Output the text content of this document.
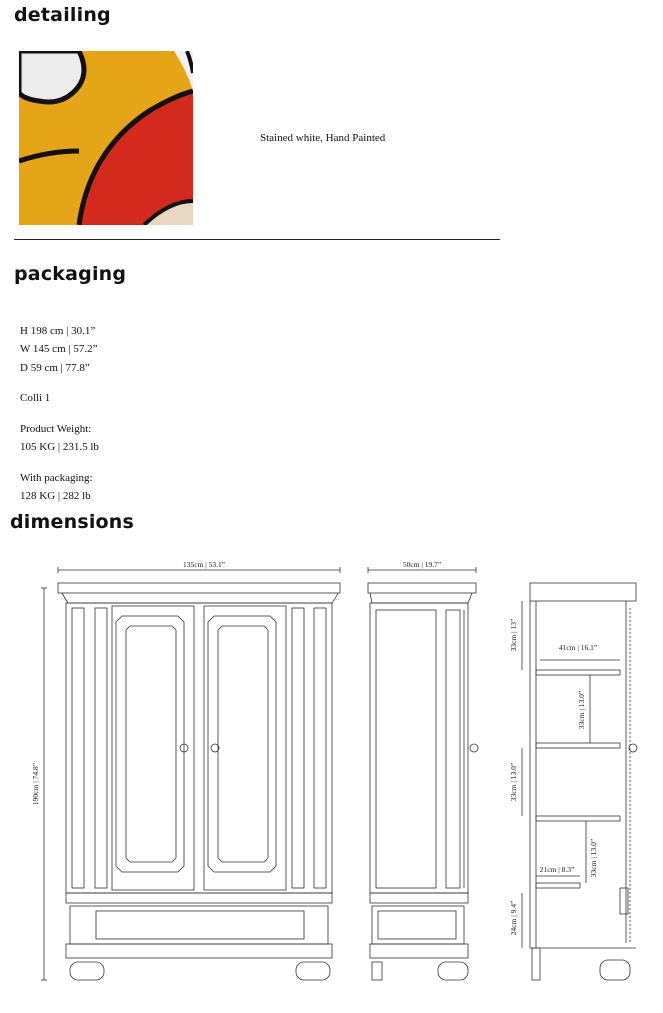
detailing

Stained white, Hand Painted

packaging

H 198 cm | 30.1”

W 145 cm | 57.2”

D 59 cm | 77.8”

Colli 1

Product Weight:

105 KG | 231.5 lb

With packaging:

128 KG | 282 lb

dimensions
135cm | 53.1”	50cm | 19.7”
190cm | 74.8”
33cm | 13”	41cm | 16.1”
33cm | 13.0”
33cm | 13.0”
33cm | 13.0”
21cm | 8.3”
24cm | 9.4”
